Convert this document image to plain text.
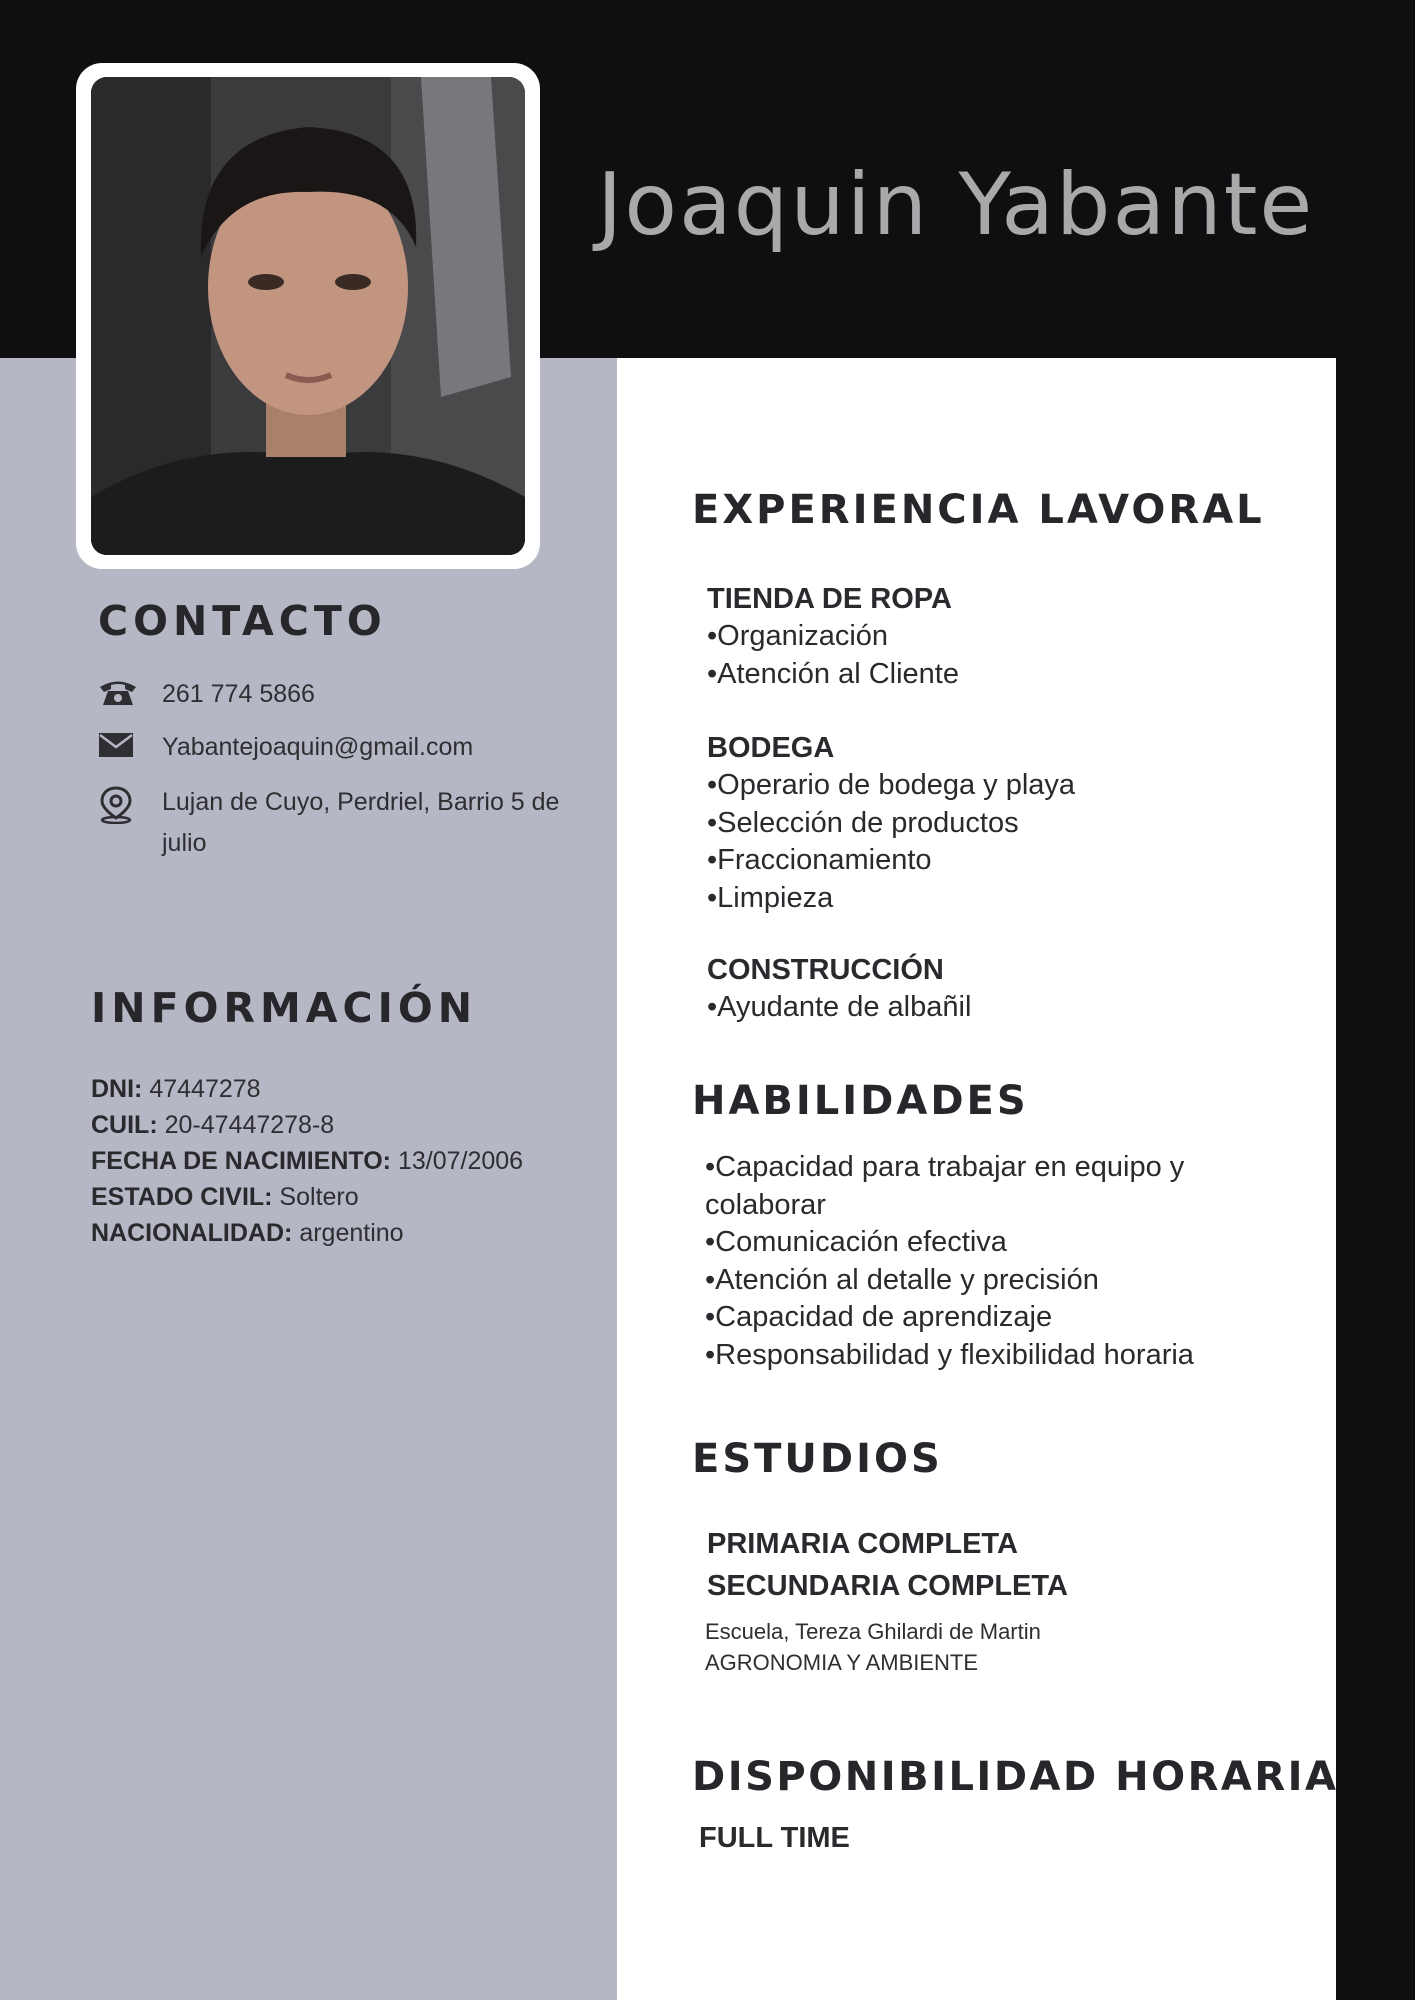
Joaquin Yabante
CONTACTO
261 774 5866
Yabantejoaquin@gmail.com
Lujan de Cuyo, Perdriel, Barrio 5 de
julio
INFORMACIÓN
DNI: 47447278
CUIL: 20-47447278-8
FECHA DE NACIMIENTO: 13/07/2006
ESTADO CIVIL: Soltero
NACIONALIDAD: argentino
EXPERIENCIA LAVORAL
TIENDA DE ROPA
•Organización
•Atención al Cliente
BODEGA
•Operario de bodega y playa
•Selección de productos
•Fraccionamiento
•Limpieza
CONSTRUCCIÓN
•Ayudante de albañil
HABILIDADES
•Capacidad para trabajar en equipo y
colaborar
•Comunicación efectiva
•Atención al detalle y precisión
•Capacidad de aprendizaje
•Responsabilidad y flexibilidad horaria
ESTUDIOS
PRIMARIA COMPLETA
SECUNDARIA COMPLETA
Escuela, Tereza Ghilardi de Martin
AGRONOMIA Y AMBIENTE
DISPONIBILIDAD HORARIA
FULL TIME
